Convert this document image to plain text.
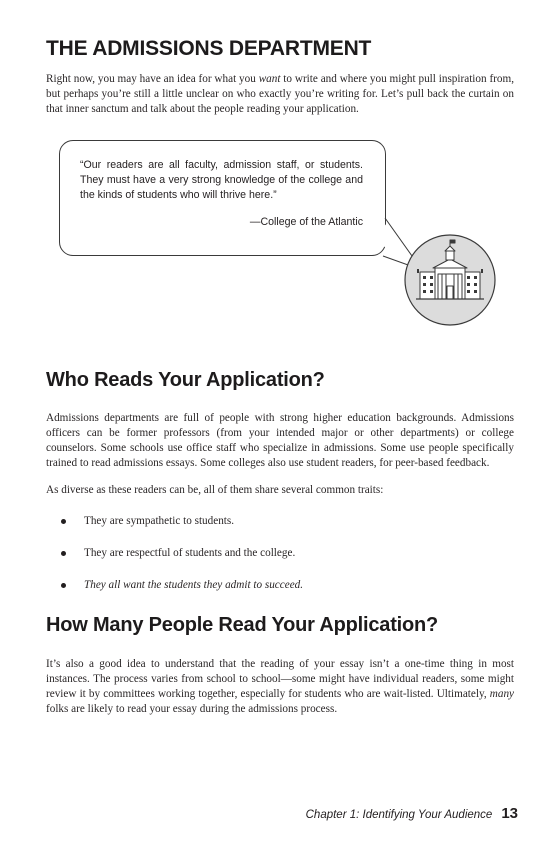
THE ADMISSIONS DEPARTMENT

Right now, you may have an idea for what you want to write and where you might pull inspiration from, but perhaps you’re still a little unclear on who exactly you’re writing for. Let’s pull back the curtain on that inner sanctum and talk about the people reading your application.

“Our readers are all faculty, admission staff, or students. They must have a very strong knowledge of the college and the kinds of students who will thrive here.”

—College of the Atlantic

Who Reads Your Application?

Admissions departments are full of people with strong higher education backgrounds. Admissions officers can be former professors (from your intended major or other departments) or college counselors. Some schools use office staff who specialize in admissions. Some use people specifically trained to read admissions essays. Some colleges also use student readers, for peer-based feedback.

As diverse as these readers can be, all of them share several common traits:

They are sympathetic to students.
They are respectful of students and the college.
They all want the students they admit to succeed.
How Many People Read Your Application?

It’s also a good idea to understand that the reading of your essay isn’t a one-time thing in most instances. The process varies from school to school—some might have individual readers, some might review it by committees working together, especially for students who are wait-listed. Ultimately, many folks are likely to read your essay during the admissions process.

Chapter 1: Identifying Your Audience 13
